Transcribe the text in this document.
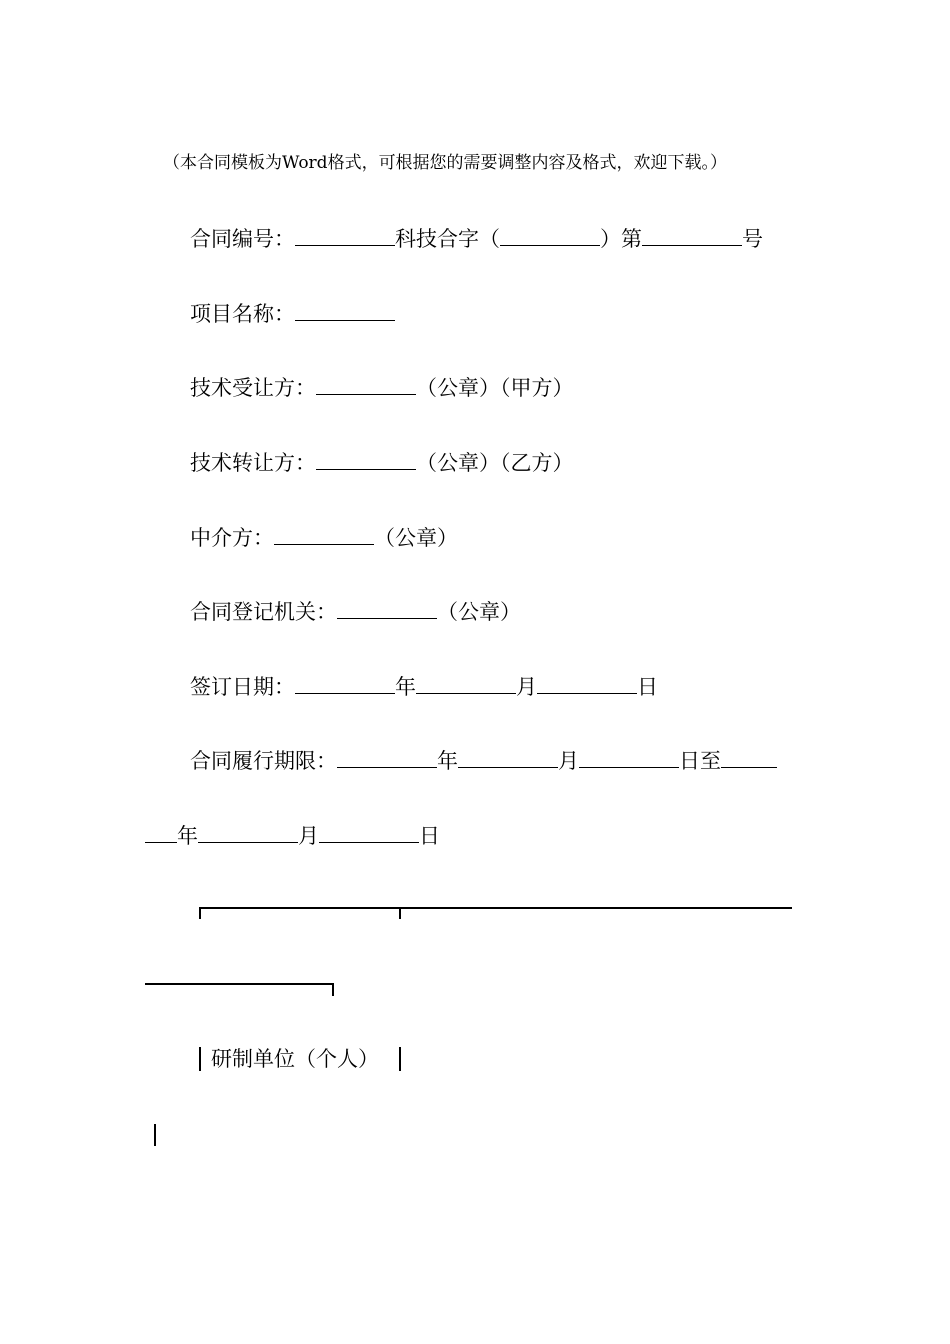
（本合同模板为Word格式，可根据您的需要调整内容及格式，欢迎下载。）
合同编号：	科技合字（	）第	号
项目名称：
技术受让方：	（公章）（甲方）
技术转让方：	（公章）（乙方）
中介方：	（公章）
合同登记机关：	（公章）
签订日期：	年	月	日
合同履行期限：	年	月	日至
年	月	日
研制单位（个人）
